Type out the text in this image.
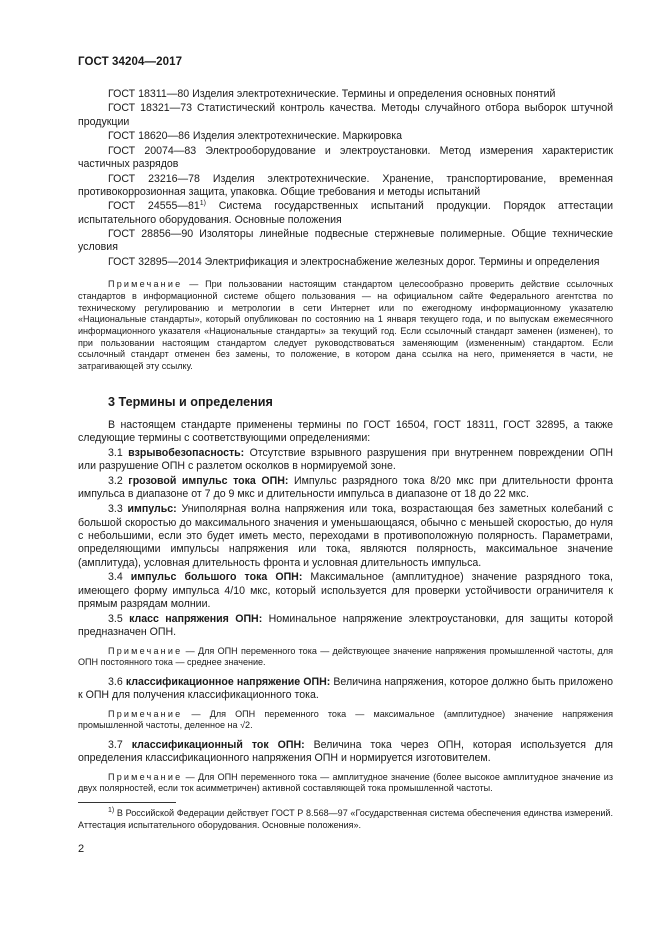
ГОСТ 34204—2017

ГОСТ 18311—80 Изделия электротехнические. Термины и определения основных понятий

ГОСТ 18321—73 Статистический контроль качества. Методы случайного отбора выборок штучной продукции

ГОСТ 18620—86 Изделия электротехнические. Маркировка

ГОСТ 20074—83 Электрооборудование и электроустановки. Метод измерения характеристик частичных разрядов

ГОСТ 23216—78 Изделия электротехнические. Хранение, транспортирование, временная противокоррозионная защита, упаковка. Общие требования и методы испытаний

ГОСТ 24555—81$^{1)}$ Система государственных испытаний продукции. Порядок аттестации испытательного оборудования. Основные положения

ГОСТ 28856—90 Изоляторы линейные подвесные стержневые полимерные. Общие технические условия

ГОСТ 32895—2014 Электрификация и электроснабжение железных дорог. Термины и определения

Примечание — При пользовании настоящим стандартом целесообразно проверить действие ссылочных стандартов в информационной системе общего пользования — на официальном сайте Федерального агентства по техническому регулированию и метрологии в сети Интернет или по ежегодному информационному указателю «Национальные стандарты», который опубликован по состоянию на 1 января текущего года, и по выпускам ежемесячного информационного указателя «Национальные стандарты» за текущий год. Если ссылочный стандарт заменен (изменен), то при пользовании настоящим стандартом следует руководствоваться заменяющим (измененным) стандартом. Если ссылочный стандарт отменен без замены, то положение, в котором дана ссылка на него, применяется в части, не затрагивающей эту ссылку.

3 Термины и определения

В настоящем стандарте применены термины по ГОСТ 16504, ГОСТ 18311, ГОСТ 32895, а также следующие термины с соответствующими определениями:

3.1 взрывобезопасность: Отсутствие взрывного разрушения при внутреннем повреждении ОПН или разрушение ОПН с разлетом осколков в нормируемой зоне.

3.2 грозовой импульс тока ОПН: Импульс разрядного тока 8/20 мкс при длительности фронта импульса в диапазоне от 7 до 9 мкс и длительности импульса в диапазоне от 18 до 22 мкс.

3.3 импульс: Униполярная волна напряжения или тока, возрастающая без заметных колебаний с большой скоростью до максимального значения и уменьшающаяся, обычно с меньшей скоростью, до нуля с небольшими, если это будет иметь место, переходами в противоположную полярность. Параметрами, определяющими импульсы напряжения или тока, являются полярность, максимальное значение (амплитуда), условная длительность фронта и условная длительность импульса.

3.4 импульс большого тока ОПН: Максимальное (амплитудное) значение разрядного тока, имеющего форму импульса 4/10 мкс, который используется для проверки устойчивости ограничителя к прямым разрядам молнии.

3.5 класс напряжения ОПН: Номинальное напряжение электроустановки, для защиты которой предназначен ОПН.

Примечание — Для ОПН переменного тока — действующее значение напряжения промышленной частоты, для ОПН постоянного тока — среднее значение.

3.6 классификационное напряжение ОПН: Величина напряжения, которое должно быть приложено к ОПН для получения классификационного тока.

Примечание — Для ОПН переменного тока — максимальное (амплитудное) значение напряжения промышленной частоты, деленное на √2.

3.7 классификационный ток ОПН: Величина тока через ОПН, которая используется для определения классификационного напряжения ОПН и нормируется изготовителем.

Примечание — Для ОПН переменного тока — амплитудное значение (более высокое амплитудное значение из двух полярностей, если ток асимметричен) активной составляющей тока промышленной частоты.

$^{1)}$ В Российской Федерации действует ГОСТ Р 8.568—97 «Государственная система обеспечения единства измерений. Аттестация испытательного оборудования. Основные положения».

2
